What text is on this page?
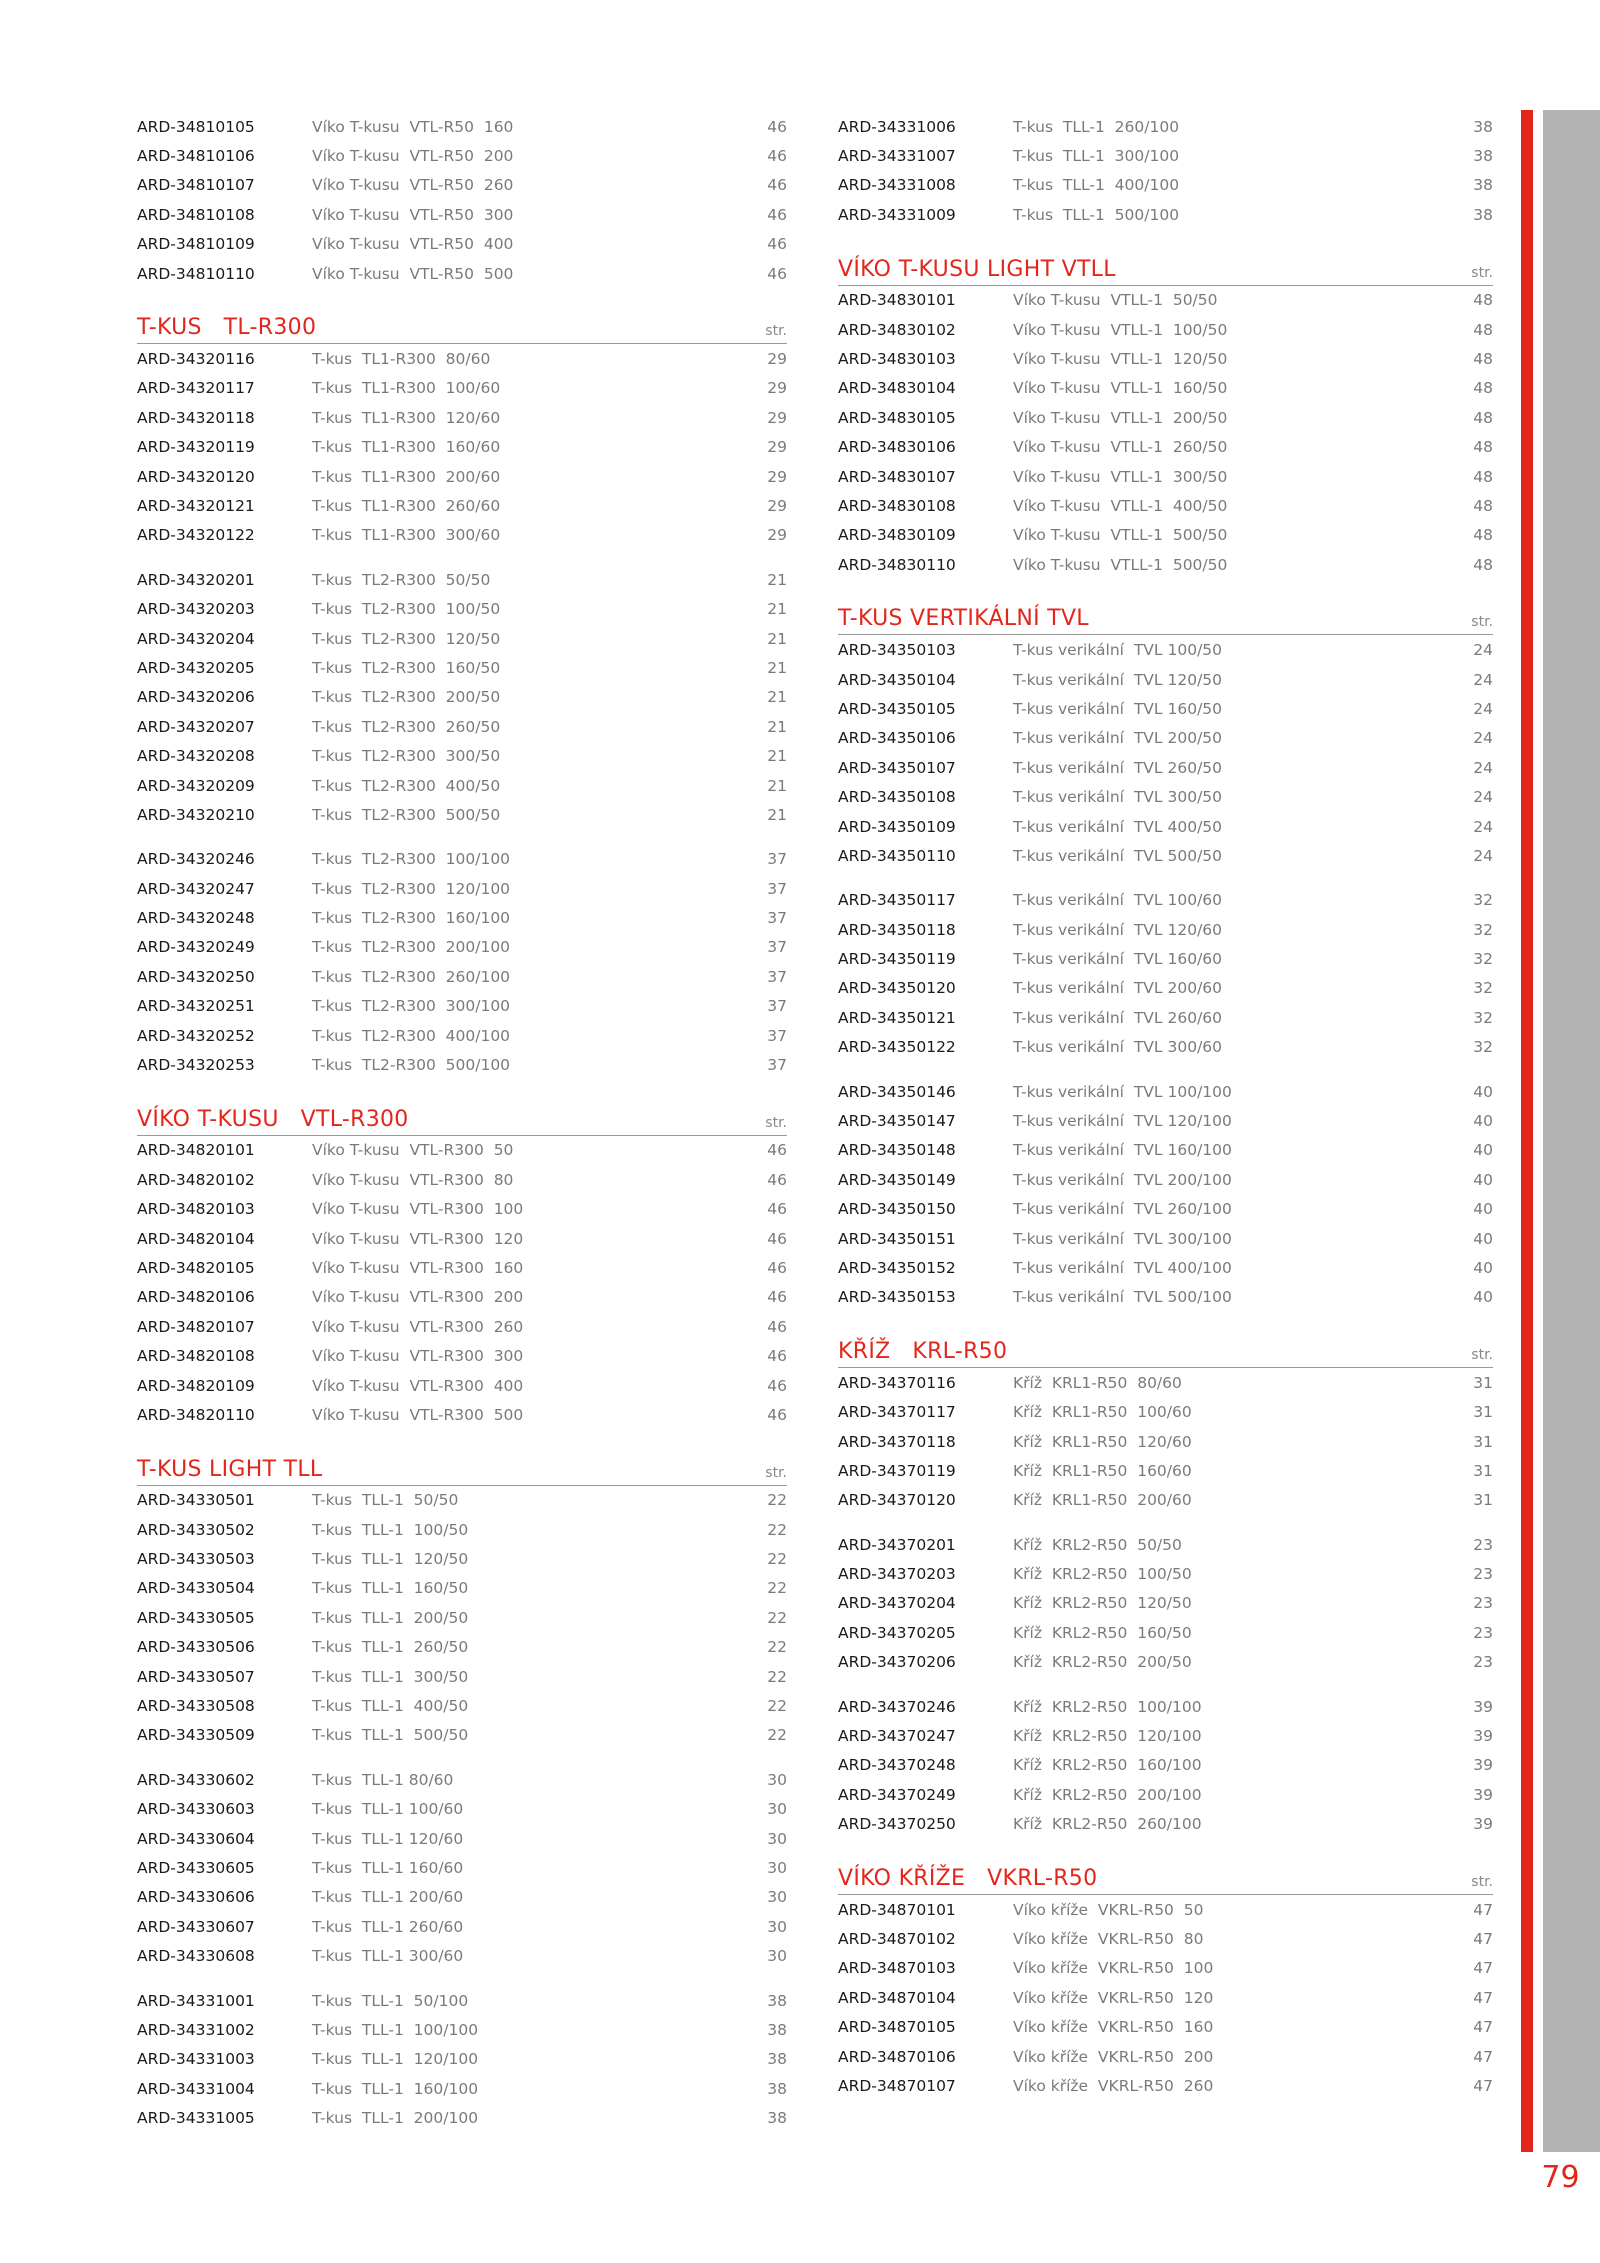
ARD-34810105	Víko T-kusu  VTL-R50  160	46
ARD-34810106	Víko T-kusu  VTL-R50  200	46
ARD-34810107	Víko T-kusu  VTL-R50  260	46
ARD-34810108	Víko T-kusu  VTL-R50  300	46
ARD-34810109	Víko T-kusu  VTL-R50  400	46
ARD-34810110	Víko T-kusu  VTL-R50  500	46
T-KUS   TL-R300	str.
ARD-34320116	T-kus  TL1-R300  80/60	29
ARD-34320117	T-kus  TL1-R300  100/60	29
ARD-34320118	T-kus  TL1-R300  120/60	29
ARD-34320119	T-kus  TL1-R300  160/60	29
ARD-34320120	T-kus  TL1-R300  200/60	29
ARD-34320121	T-kus  TL1-R300  260/60	29
ARD-34320122	T-kus  TL1-R300  300/60	29
ARD-34320201	T-kus  TL2-R300  50/50	21
ARD-34320203	T-kus  TL2-R300  100/50	21
ARD-34320204	T-kus  TL2-R300  120/50	21
ARD-34320205	T-kus  TL2-R300  160/50	21
ARD-34320206	T-kus  TL2-R300  200/50	21
ARD-34320207	T-kus  TL2-R300  260/50	21
ARD-34320208	T-kus  TL2-R300  300/50	21
ARD-34320209	T-kus  TL2-R300  400/50	21
ARD-34320210	T-kus  TL2-R300  500/50	21
ARD-34320246	T-kus  TL2-R300  100/100	37
ARD-34320247	T-kus  TL2-R300  120/100	37
ARD-34320248	T-kus  TL2-R300  160/100	37
ARD-34320249	T-kus  TL2-R300  200/100	37
ARD-34320250	T-kus  TL2-R300  260/100	37
ARD-34320251	T-kus  TL2-R300  300/100	37
ARD-34320252	T-kus  TL2-R300  400/100	37
ARD-34320253	T-kus  TL2-R300  500/100	37
VÍKO T-KUSU   VTL-R300	str.
ARD-34820101	Víko T-kusu  VTL-R300  50	46
ARD-34820102	Víko T-kusu  VTL-R300  80	46
ARD-34820103	Víko T-kusu  VTL-R300  100	46
ARD-34820104	Víko T-kusu  VTL-R300  120	46
ARD-34820105	Víko T-kusu  VTL-R300  160	46
ARD-34820106	Víko T-kusu  VTL-R300  200	46
ARD-34820107	Víko T-kusu  VTL-R300  260	46
ARD-34820108	Víko T-kusu  VTL-R300  300	46
ARD-34820109	Víko T-kusu  VTL-R300  400	46
ARD-34820110	Víko T-kusu  VTL-R300  500	46
T-KUS LIGHT TLL	str.
ARD-34330501	T-kus  TLL-1  50/50	22
ARD-34330502	T-kus  TLL-1  100/50	22
ARD-34330503	T-kus  TLL-1  120/50	22
ARD-34330504	T-kus  TLL-1  160/50	22
ARD-34330505	T-kus  TLL-1  200/50	22
ARD-34330506	T-kus  TLL-1  260/50	22
ARD-34330507	T-kus  TLL-1  300/50	22
ARD-34330508	T-kus  TLL-1  400/50	22
ARD-34330509	T-kus  TLL-1  500/50	22
ARD-34330602	T-kus  TLL-1 80/60	30
ARD-34330603	T-kus  TLL-1 100/60	30
ARD-34330604	T-kus  TLL-1 120/60	30
ARD-34330605	T-kus  TLL-1 160/60	30
ARD-34330606	T-kus  TLL-1 200/60	30
ARD-34330607	T-kus  TLL-1 260/60	30
ARD-34330608	T-kus  TLL-1 300/60	30
ARD-34331001	T-kus  TLL-1  50/100	38
ARD-34331002	T-kus  TLL-1  100/100	38
ARD-34331003	T-kus  TLL-1  120/100	38
ARD-34331004	T-kus  TLL-1  160/100	38
ARD-34331005	T-kus  TLL-1  200/100	38
ARD-34331006	T-kus  TLL-1  260/100	38
ARD-34331007	T-kus  TLL-1  300/100	38
ARD-34331008	T-kus  TLL-1  400/100	38
ARD-34331009	T-kus  TLL-1  500/100	38
VÍKO T-KUSU LIGHT VTLL	str.
ARD-34830101	Víko T-kusu  VTLL-1  50/50	48
ARD-34830102	Víko T-kusu  VTLL-1  100/50	48
ARD-34830103	Víko T-kusu  VTLL-1  120/50	48
ARD-34830104	Víko T-kusu  VTLL-1  160/50	48
ARD-34830105	Víko T-kusu  VTLL-1  200/50	48
ARD-34830106	Víko T-kusu  VTLL-1  260/50	48
ARD-34830107	Víko T-kusu  VTLL-1  300/50	48
ARD-34830108	Víko T-kusu  VTLL-1  400/50	48
ARD-34830109	Víko T-kusu  VTLL-1  500/50	48
ARD-34830110	Víko T-kusu  VTLL-1  500/50	48
T-KUS VERTIKÁLNÍ TVL	str.
ARD-34350103	T-kus verikální  TVL 100/50	24
ARD-34350104	T-kus verikální  TVL 120/50	24
ARD-34350105	T-kus verikální  TVL 160/50	24
ARD-34350106	T-kus verikální  TVL 200/50	24
ARD-34350107	T-kus verikální  TVL 260/50	24
ARD-34350108	T-kus verikální  TVL 300/50	24
ARD-34350109	T-kus verikální  TVL 400/50	24
ARD-34350110	T-kus verikální  TVL 500/50	24
ARD-34350117	T-kus verikální  TVL 100/60	32
ARD-34350118	T-kus verikální  TVL 120/60	32
ARD-34350119	T-kus verikální  TVL 160/60	32
ARD-34350120	T-kus verikální  TVL 200/60	32
ARD-34350121	T-kus verikální  TVL 260/60	32
ARD-34350122	T-kus verikální  TVL 300/60	32
ARD-34350146	T-kus verikální  TVL 100/100	40
ARD-34350147	T-kus verikální  TVL 120/100	40
ARD-34350148	T-kus verikální  TVL 160/100	40
ARD-34350149	T-kus verikální  TVL 200/100	40
ARD-34350150	T-kus verikální  TVL 260/100	40
ARD-34350151	T-kus verikální  TVL 300/100	40
ARD-34350152	T-kus verikální  TVL 400/100	40
ARD-34350153	T-kus verikální  TVL 500/100	40
KŘÍŽ   KRL-R50	str.
ARD-34370116	Kříž  KRL1-R50  80/60	31
ARD-34370117	Kříž  KRL1-R50  100/60	31
ARD-34370118	Kříž  KRL1-R50  120/60	31
ARD-34370119	Kříž  KRL1-R50  160/60	31
ARD-34370120	Kříž  KRL1-R50  200/60	31
ARD-34370201	Kříž  KRL2-R50  50/50	23
ARD-34370203	Kříž  KRL2-R50  100/50	23
ARD-34370204	Kříž  KRL2-R50  120/50	23
ARD-34370205	Kříž  KRL2-R50  160/50	23
ARD-34370206	Kříž  KRL2-R50  200/50	23
ARD-34370246	Kříž  KRL2-R50  100/100	39
ARD-34370247	Kříž  KRL2-R50  120/100	39
ARD-34370248	Kříž  KRL2-R50  160/100	39
ARD-34370249	Kříž  KRL2-R50  200/100	39
ARD-34370250	Kříž  KRL2-R50  260/100	39
VÍKO KŘÍŽE   VKRL-R50	str.
ARD-34870101	Víko kříže  VKRL-R50  50	47
ARD-34870102	Víko kříže  VKRL-R50  80	47
ARD-34870103	Víko kříže  VKRL-R50  100	47
ARD-34870104	Víko kříže  VKRL-R50  120	47
ARD-34870105	Víko kříže  VKRL-R50  160	47
ARD-34870106	Víko kříže  VKRL-R50  200	47
ARD-34870107	Víko kříže  VKRL-R50  260	47
79
